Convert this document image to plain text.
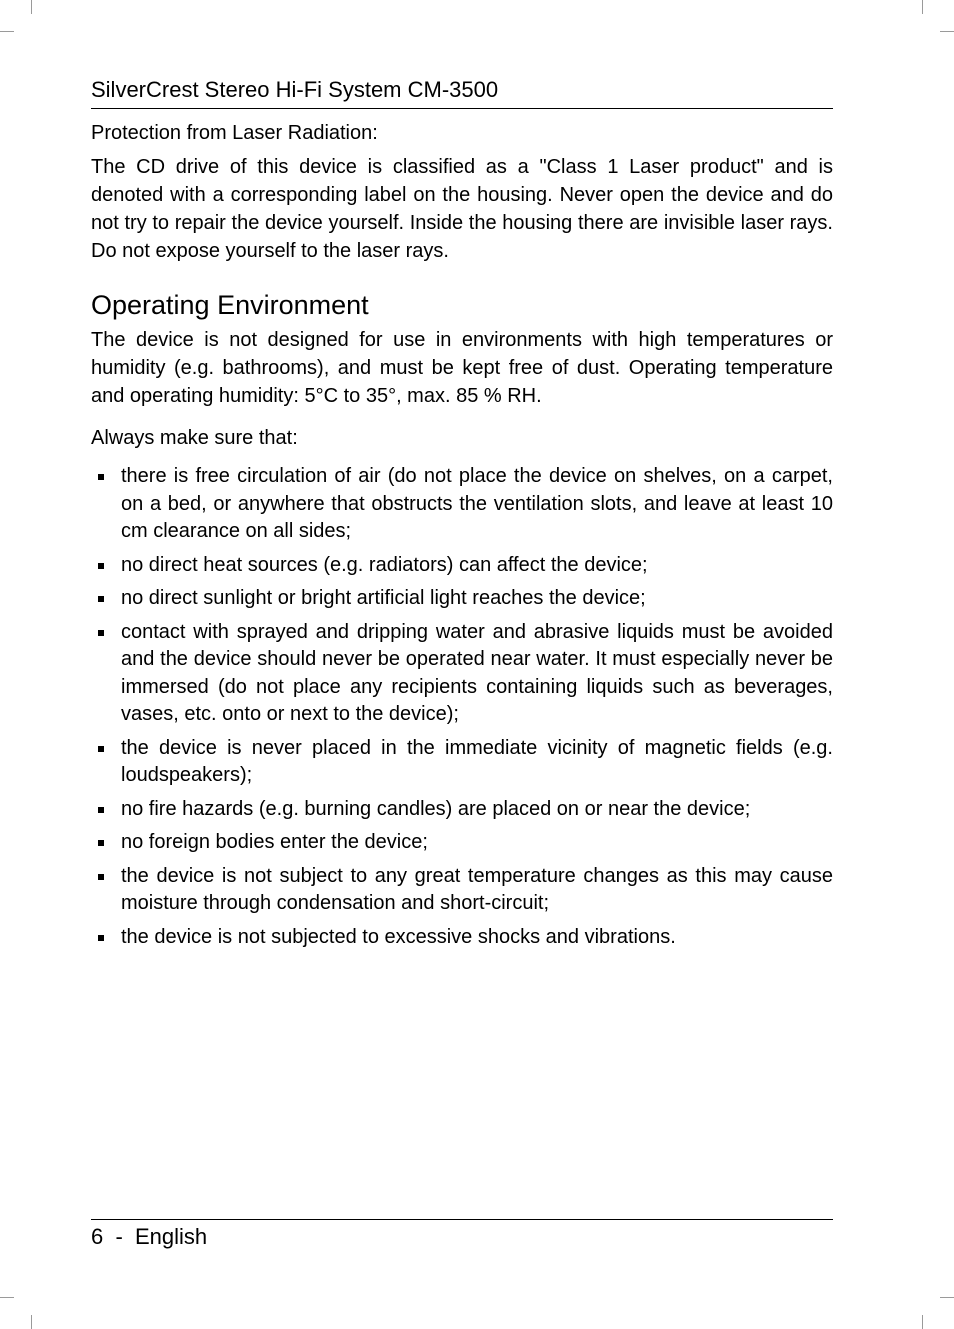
SilverCrest Stereo Hi-Fi System CM-3500

Protection from Laser Radiation:

The CD drive of this device is classified as a "Class 1 Laser product" and is denoted with a corresponding label on the housing. Never open the device and do not try to repair the device yourself. Inside the housing there are invisible laser rays. Do not expose yourself to the laser rays.

Operating Environment

The device is not designed for use in environments with high temperatures or humidity (e.g. bathrooms), and must be kept free of dust. Operating temperature and operating humidity: 5°C to 35°, max. 85 % RH.

Always make sure that:

there is free circulation of air (do not place the device on shelves, on a carpet, on a bed, or anywhere that obstructs the ventilation slots, and leave at least 10 cm clearance on all sides;
no direct heat sources (e.g. radiators) can affect the device;
no direct sunlight or bright artificial light reaches the device;
contact with sprayed and dripping water and abrasive liquids must be avoided and the device should never be operated near water. It must especially never be immersed (do not place any recipients containing liquids such as beverages, vases, etc. onto or next to the device);
the device is never placed in the immediate vicinity of magnetic fields (e.g. loudspeakers);
no fire hazards (e.g. burning candles) are placed on or near the device;
no foreign bodies enter the device;
the device is not subject to any great temperature changes as this may cause moisture through condensation and short-circuit;
the device is not subjected to excessive shocks and vibrations.
6  -  English
